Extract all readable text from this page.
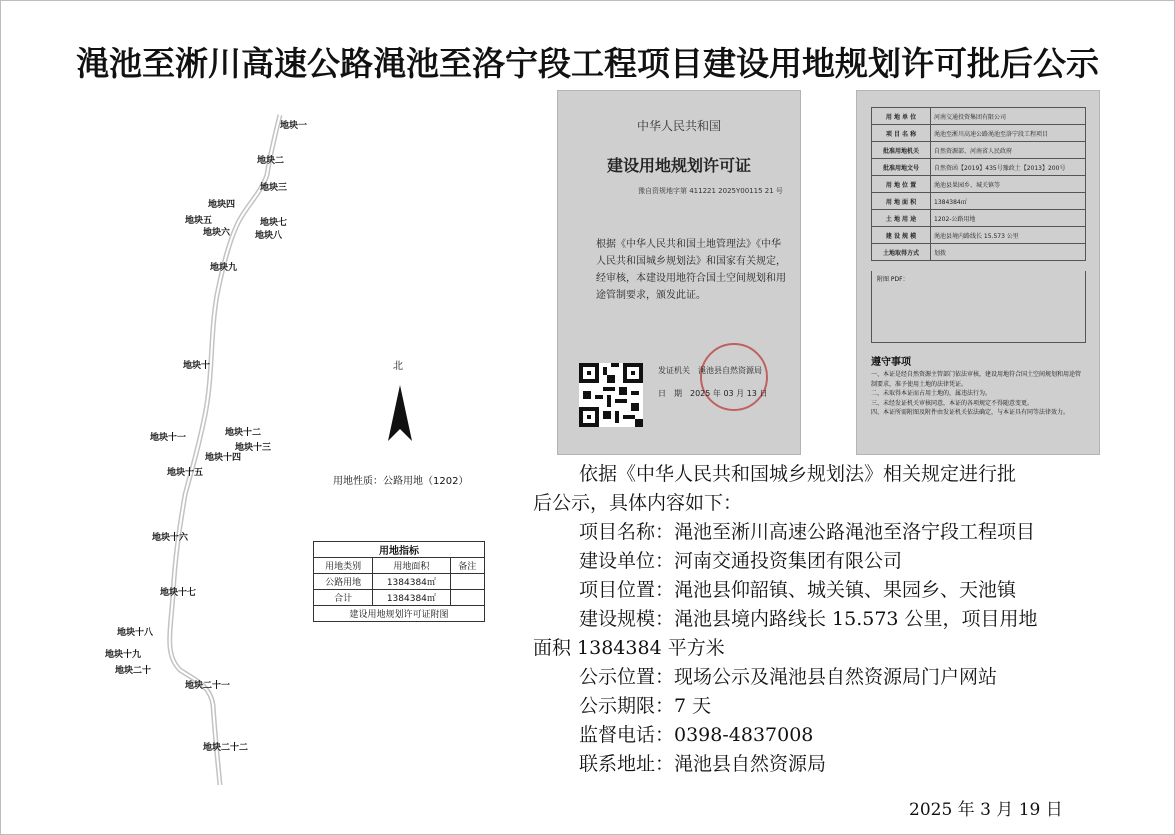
渑池至淅川高速公路渑池至洛宁段工程项目建设用地规划许可批后公示
地块一
地块二
地块三
地块四
地块五
地块六
地块七
地块八
地块九
地块十
地块十一	地块十二
地块十三
地块十四
地块十五
地块十六
地块十七
地块十八
地块十九
地块二十
地块二十一
地块二十二
北
用地性质：公路用地（1202）
用地指标		
用地类别	用地面积	备注
公路用地	1384384㎡	
合计	1384384㎡	
建设用地规划许可证附图		
中华人民共和国
建设用地规划许可证
豫自资规地字第 411221 2025Y00115 21 号
根据《中华人民共和国土地管理法》《中华人民共和国城乡规划法》和国家有关规定，经审核，本建设用地符合国土空间规划和用途管制要求，颁发此证。
发证机关　 渑池县自然资源局
日　期　 2025 年 03 月 13 日
用 地 单 位	河南交通投资集团有限公司
项 目 名 称	渑池至淅川高速公路渑池至洛宁段工程项目
批准用地机关	自然资源部、河南省人民政府
批准用地文号	自然资函【2019】435号豫政土【2013】200号
用 地 位 置	渑池县果园乡、城关镇等
用 地 面 积	1384384㎡
土 地 用 途	1202-公路用地
建 设 规 模	渑池县境内路线长 15.573 公里
土地取得方式	划拨
附图 PDF：
遵守事项
一、本证是经自然资源主管部门依法审核，建设用地符合国土空间规划和用途管制要求，准予使用土地的法律凭证。
二、未取得本证而占用土地的，属违法行为。
三、未经发证机关审核同意，本证的各项规定不得随意变更。
四、本证所需附图及附件由发证机关依法确定，与本证具有同等法律效力。

依据《中华人民共和国城乡规划法》相关规定进行批

后公示，具体内容如下：

项目名称：渑池至淅川高速公路渑池至洛宁段工程项目

建设单位：河南交通投资集团有限公司

项目位置：渑池县仰韶镇、城关镇、果园乡、天池镇

建设规模：渑池县境内路线长 15.573 公里，项目用地

面积 1384384 平方米

公示位置：现场公示及渑池县自然资源局门户网站

公示期限：7 天

监督电话：0398-4837008

联系地址：渑池县自然资源局

2025 年 3 月 19 日
